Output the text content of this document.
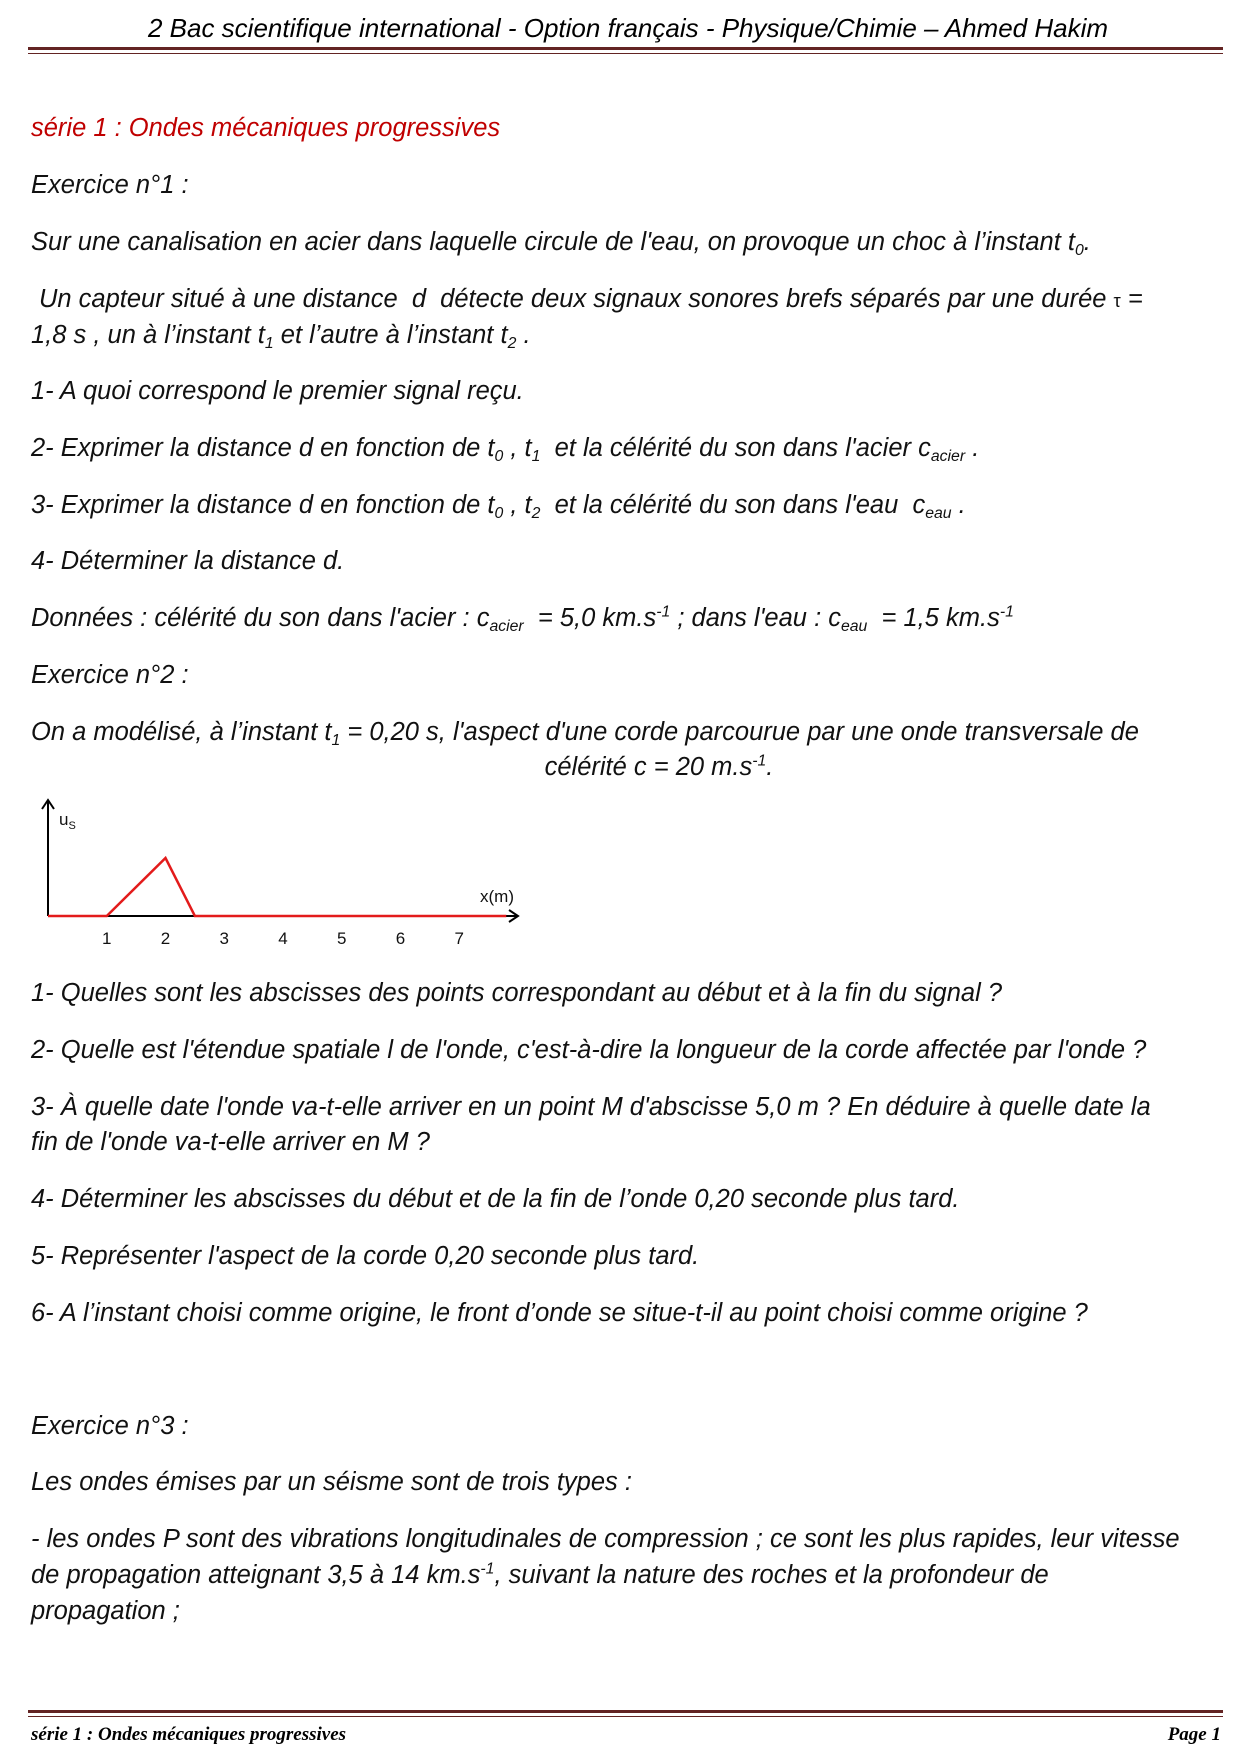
2 Bac scientifique international - Option français - Physique/Chimie – Ahmed Hakim
série 1 : Ondes mécaniques progressives
Exercice n°1 :
Sur une canalisation en acier dans laquelle circule de l'eau, on provoque un choc à l’instant $t_0$.
Un capteur situé à une distance  d  détecte deux signaux sonores brefs séparés par une durée τ =
1,8 s , un à l’instant $t_1$ et l’autre à l’instant $t_2$ .
1- A quoi correspond le premier signal reçu.
2- Exprimer la distance d en fonction de $t_0$ , $t_1$  et la célérité du son dans l'acier $c_{acier}$ .
3- Exprimer la distance d en fonction de $t_0$ , $t_2$  et la célérité du son dans l'eau  $c_{eau}$ .
4- Déterminer la distance d.
Données : célérité du son dans l'acier : $c_{acier} = 5,0$ $km.s^{-1}$ ; dans l'eau : $c_{eau} = 1,5$ $km.s^{-1}$
Exercice n°2 :
On a modélisé, à l’instant $t_1 = 0,20$ s, l'aspect d'une corde parcourue par une onde transversale de
célérité c = 20 $m.s^{-1}$.
1	2	3	4	5	6	7
$u_S$
x(m)
1- Quelles sont les abscisses des points correspondant au début et à la fin du signal ?
2- Quelle est l'étendue spatiale l de l'onde, c'est-à-dire la longueur de la corde affectée par l'onde ?
3- À quelle date l'onde va-t-elle arriver en un point M d'abscisse 5,0 m ? En déduire à quelle date la
fin de l'onde va-t-elle arriver en M ?
4- Déterminer les abscisses du début et de la fin de l’onde 0,20 seconde plus tard.
5- Représenter l'aspect de la corde 0,20 seconde plus tard.
6- A l’instant choisi comme origine, le front d’onde se situe-t-il au point choisi comme origine ?
Exercice n°3 :
Les ondes émises par un séisme sont de trois types :
- les ondes P sont des vibrations longitudinales de compression ; ce sont les plus rapides, leur vitesse
de propagation atteignant 3,5 à 14 $km.s^{-1}$, suivant la nature des roches et la profondeur de
propagation ;
série 1 : Ondes mécaniques progressives	Page 1
